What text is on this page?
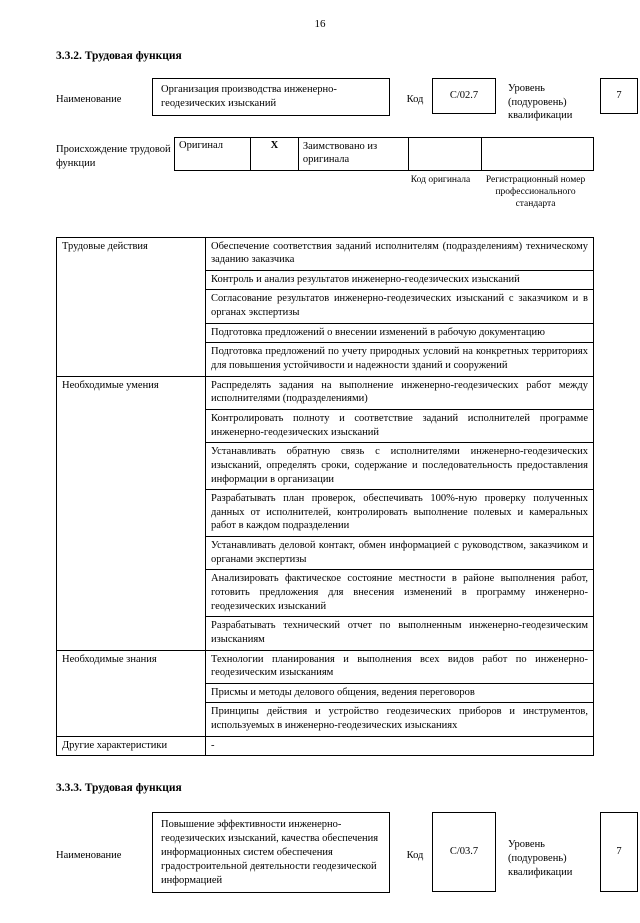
16
3.3.2. Трудовая функция
Наименование
Организация производства инженерно-геодезических изысканий	Код	С/02.7
Уровень (подуровень) квалификации
7
Происхождение трудовой функции
Оригинал	X	Заимствовано из оригинала		
Код оригинала	Регистрационный номер профессионального стандарта
Трудовые действия	Обеспечение соответствия заданий исполнителям (подразделениям) техническому заданию заказчика
	Контроль и анализ результатов инженерно-геодезических изысканий
	Согласование результатов инженерно-геодезических изысканий с заказчиком и в органах экспертизы
	Подготовка предложений о внесении изменений в рабочую документацию
	Подготовка предложений по учету природных условий на конкретных территориях для повышения устойчивости и надежности зданий и сооружений
Необходимые умения	Распределять задания на выполнение инженерно-геодезических работ между исполнителями (подразделениями)
	Контролировать полноту и соответствие заданий исполнителей программе инженерно-геодезических изысканий
	Устанавливать обратную связь с исполнителями инженерно-геодезических изысканий, определять сроки, содержание и последовательность предоставления информации в организации
	Разрабатывать план проверок, обеспечивать 100%-ную проверку полученных данных от исполнителей, контролировать выполнение полевых и камеральных работ в каждом подразделении
	Устанавливать деловой контакт, обмен информацией с руководством, заказчиком и органами экспертизы
	Анализировать фактическое состояние местности в районе выполнения работ, готовить предложения для внесения изменений в программу инженерно-геодезических изысканий
	Разрабатывать технический отчет по выполненным инженерно-геодезическим изысканиям
Необходимые знания	Технологии планирования и выполнения всех видов работ по инженерно-геодезическим изысканиям
	Присмы и методы делового общения, ведения переговоров
	Принципы действия и устройство геодезических приборов и инструментов, используемых в инженерно-геодезических изысканиях
Другие характеристики	-
3.3.3. Трудовая функция
Наименование
Повышение эффективности инженерно-геодезических изысканий, качества обеспечения информационных систем обеспечения градостроительной деятельности геодезической информацией
Код	С/03.7
Уровень (подуровень) квалификации
7
